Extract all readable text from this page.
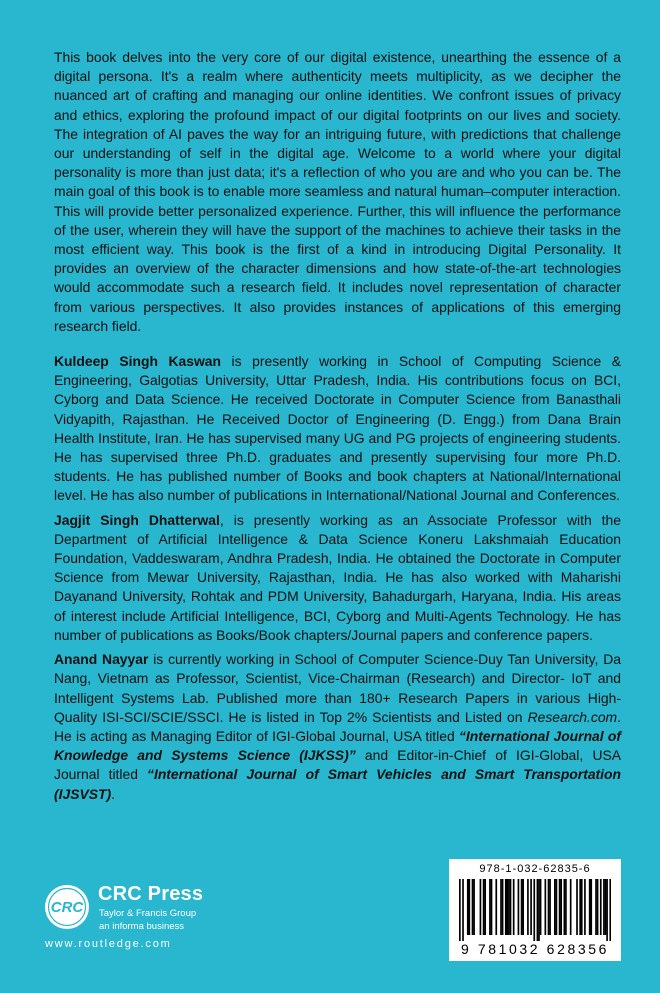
This book delves into the very core of our digital existence, unearthing the essence of a digital persona. It's a realm where authenticity meets multiplicity, as we decipher the nuanced art of crafting and managing our online identities. We confront issues of privacy and ethics, exploring the profound impact of our digital footprints on our lives and society. The integration of AI paves the way for an intriguing future, with predictions that challenge our understanding of self in the digital age. Welcome to a world where your digital personality is more than just data; it's a reflection of who you are and who you can be. The main goal of this book is to enable more seamless and natural human–computer interaction. This will provide better personalized experience. Further, this will influence the performance of the user, wherein they will have the support of the machines to achieve their tasks in the most efficient way. This book is the first of a kind in introducing Digital Personality. It provides an overview of the character dimensions and how state-of-the-art technologies would accommodate such a research field. It includes novel representation of character from various perspectives. It also provides instances of applications of this emerging research field.

Kuldeep Singh Kaswan is presently working in School of Computing Science & Engineering, Galgotias University, Uttar Pradesh, India. His contributions focus on BCI, Cyborg and Data Science. He received Doctorate in Computer Science from Banasthali Vidyapith, Rajasthan. He Received Doctor of Engineering (D. Engg.) from Dana Brain Health Institute, Iran. He has supervised many UG and PG projects of engineering students. He has supervised three Ph.D. graduates and presently supervising four more Ph.D. students. He has published number of Books and book chapters at National/International level. He has also number of publications in International/National Journal and Conferences.

Jagjit Singh Dhatterwal, is presently working as an Associate Professor with the Department of Artificial Intelligence & Data Science Koneru Lakshmaiah Education Foundation, Vaddeswaram, Andhra Pradesh, India. He obtained the Doctorate in Computer Science from Mewar University, Rajasthan, India. He has also worked with Maharishi Dayanand University, Rohtak and PDM University, Bahadurgarh, Haryana, India. His areas of interest include Artificial Intelligence, BCI, Cyborg and Multi-Agents Technology. He has number of publications as Books/Book chapters/Journal papers and conference papers.

Anand Nayyar is currently working in School of Computer Science-Duy Tan University, Da Nang, Vietnam as Professor, Scientist, Vice-Chairman (Research) and Director- IoT and Intelligent Systems Lab. Published more than 180+ Research Papers in various High-Quality ISI-SCI/SCIE/SSCI. He is listed in Top 2% Scientists and Listed on Research.com. He is acting as Managing Editor of IGI-Global Journal, USA titled “International Journal of Knowledge and Systems Science (IJKSS)” and Editor-in-Chief of IGI-Global, USA Journal titled “International Journal of Smart Vehicles and Smart Transportation (IJSVST).

CRC
CRC Press
Taylor & Francis Group
an informa business
www.routledge.com
978-1-032-62835-6
9 781032 628356
